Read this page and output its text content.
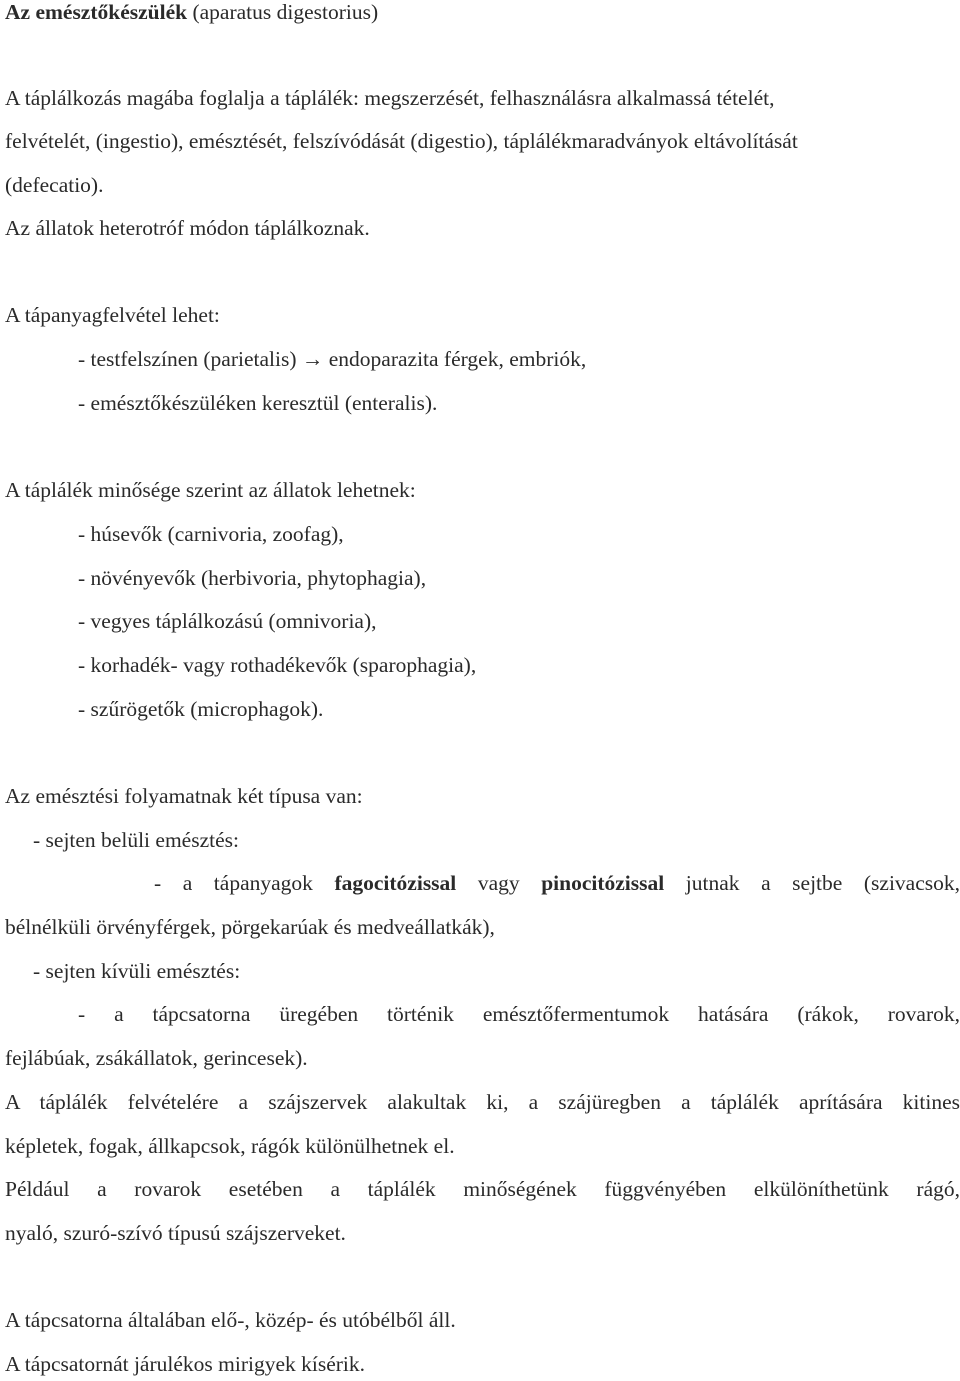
Az emésztőkészülék (aparatus digestorius)
A táplálkozás magába foglalja a táplálék: megszerzését, felhasználásra alkalmassá tételét,
felvételét, (ingestio), emésztését, felszívódását (digestio), táplálékmaradványok eltávolítását
(defecatio).
Az állatok heterotróf módon táplálkoznak.
A tápanyagfelvétel lehet:
- testfelszínen (parietalis) → endoparazita férgek, embriók,
- emésztőkészüléken keresztül (enteralis).
A táplálék minősége szerint az állatok lehetnek:
- húsevők (carnivoria, zoofag),
- növényevők (herbivoria, phytophagia),
- vegyes táplálkozású (omnivoria),
- korhadék- vagy rothadékevők (sparophagia),
- szűrögetők (microphagok).
Az emésztési folyamatnak két típusa van:
- sejten belüli emésztés:
- a tápanyagok fagocitózissal vagy pinocitózissal jutnak a sejtbe (szivacsok,
bélnélküli örvényférgek, pörgekarúak és medveállatkák),
- sejten kívüli emésztés:
- a tápcsatorna üregében történik emésztőfermentumok hatására (rákok, rovarok,
fejlábúak, zsákállatok, gerincesek).
A táplálék felvételére a szájszervek alakultak ki, a szájüregben a táplálék aprítására kitines
képletek, fogak, állkapcsok, rágók különülhetnek el.
Például a rovarok esetében a táplálék minőségének függvényében elkülöníthetünk rágó,
nyaló, szuró-szívó típusú szájszerveket.
A tápcsatorna általában elő-, közép- és utóbélből áll.
A tápcsatornát járulékos mirigyek kísérik.
